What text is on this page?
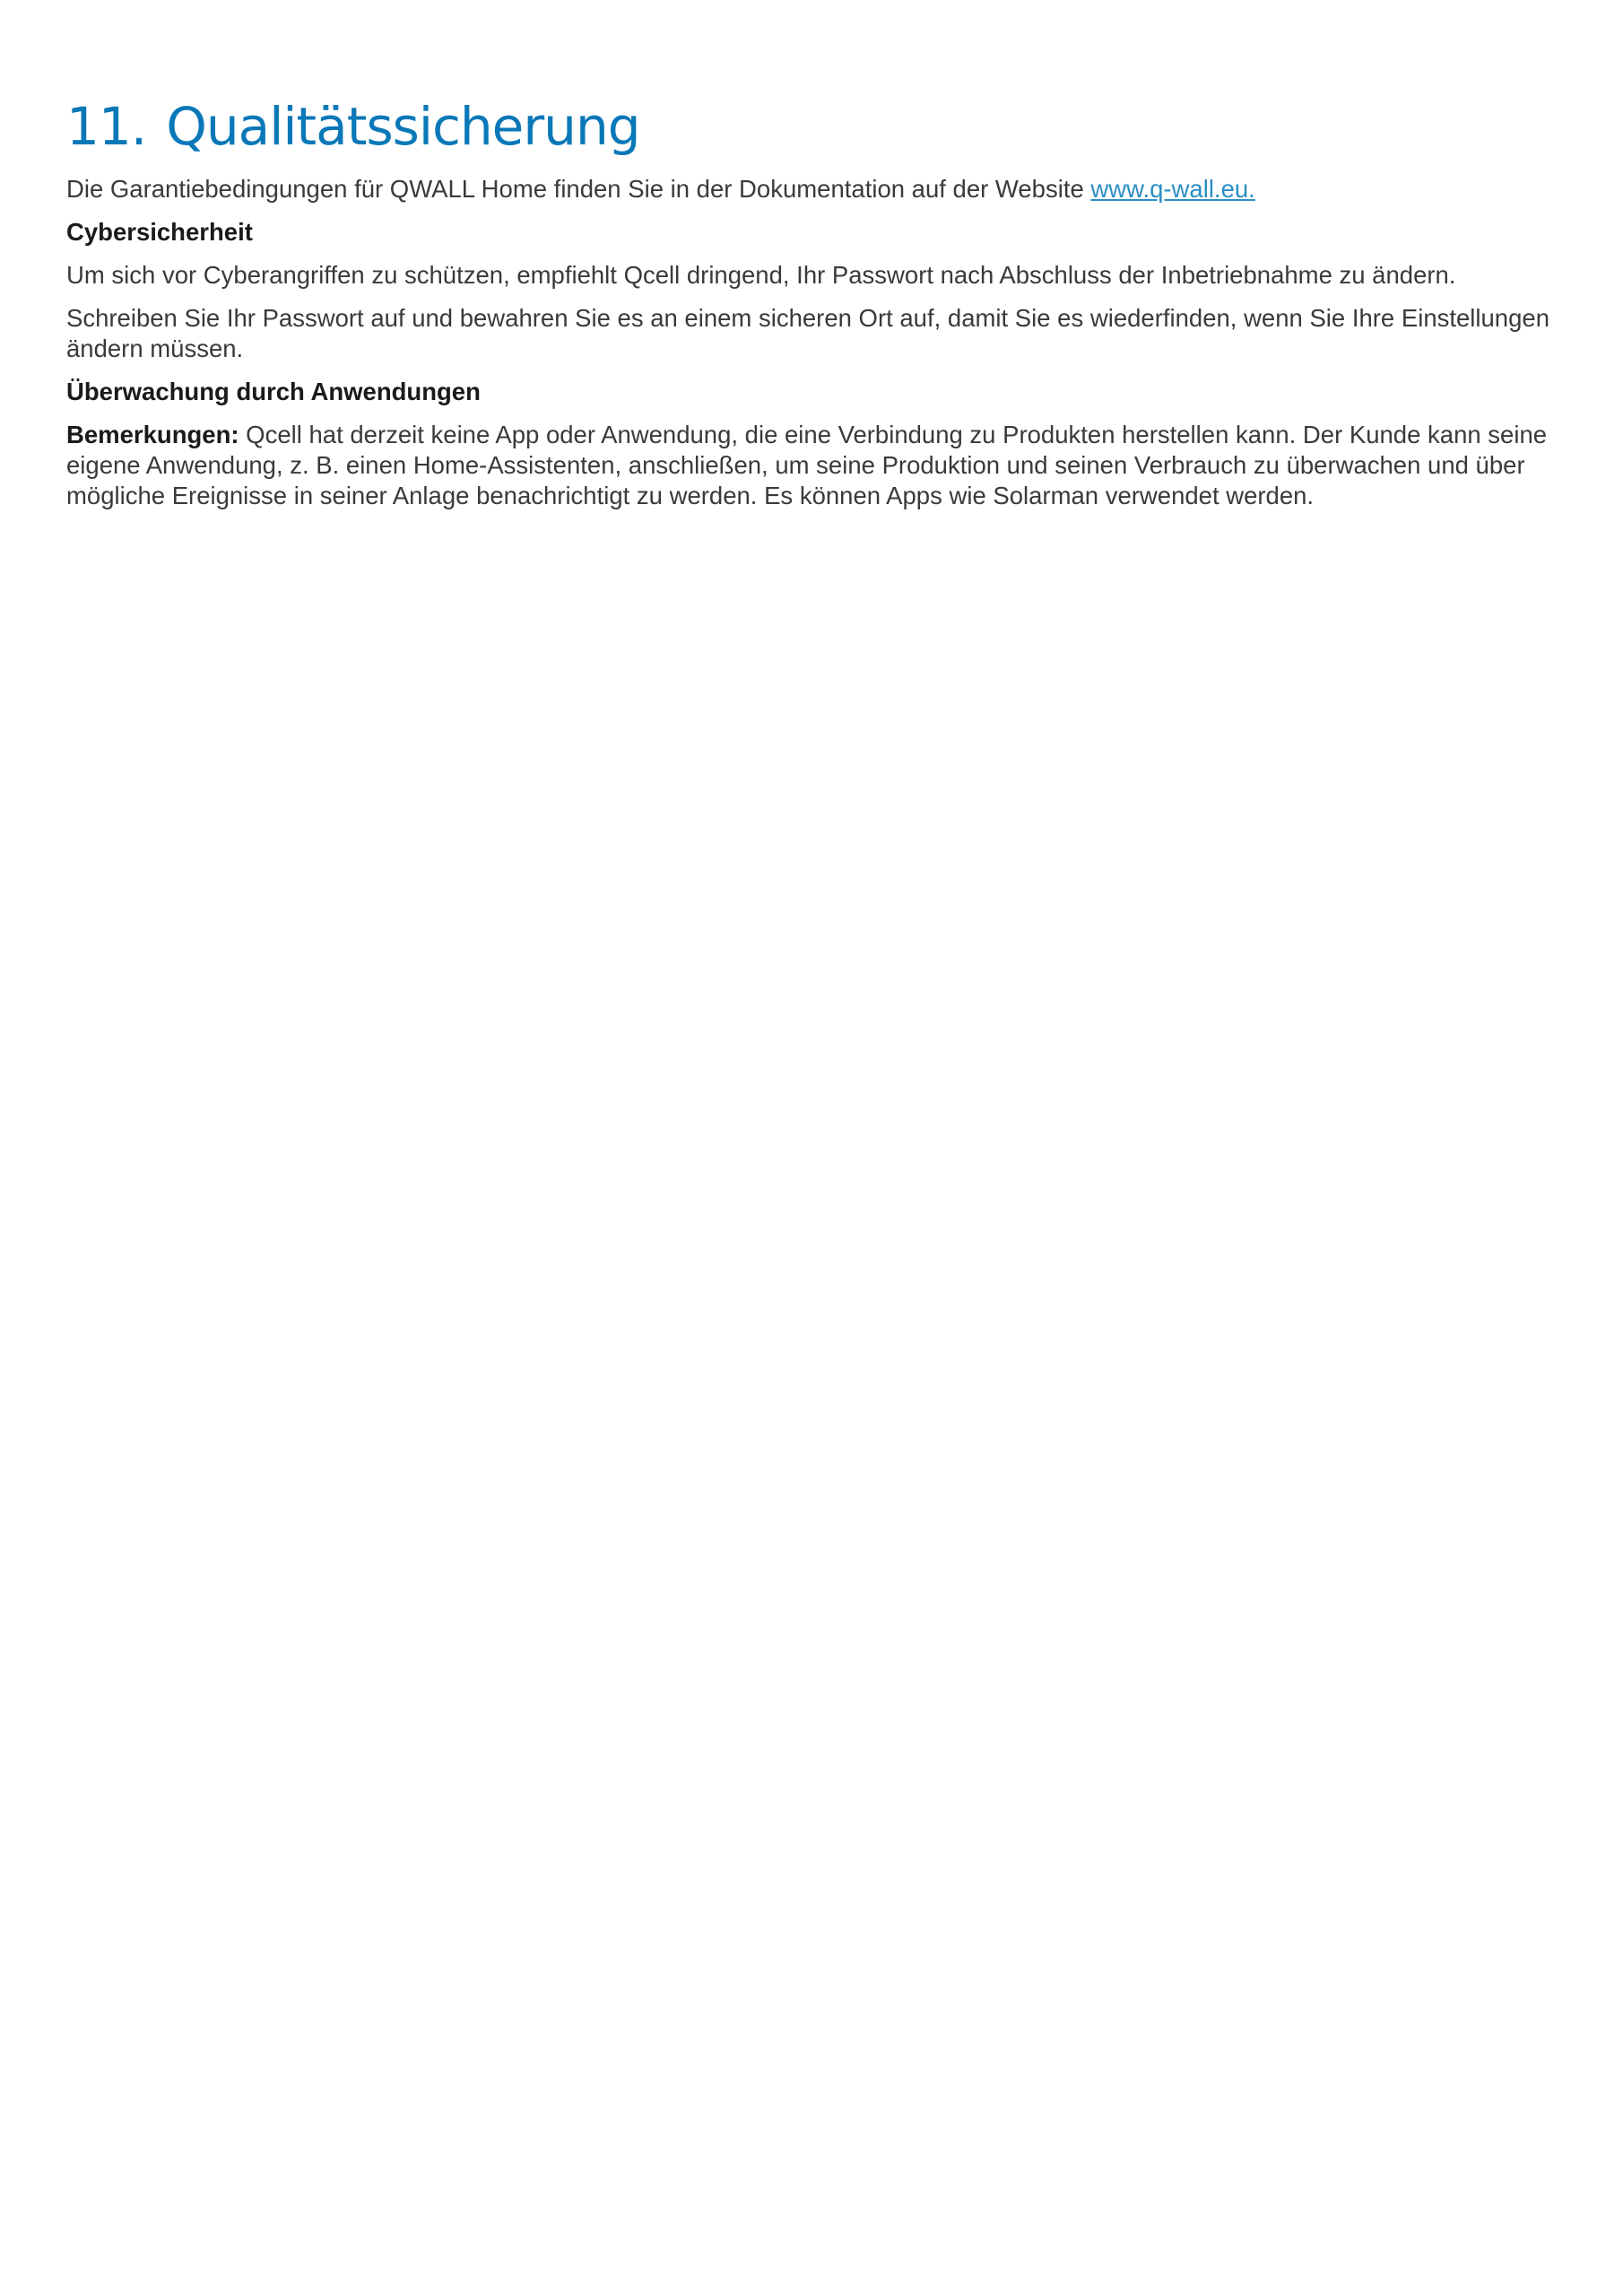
11. Qualitätssicherung

Die Garantiebedingungen für QWALL Home finden Sie in der Dokumentation auf der Website www.q-wall.eu.

Cybersicherheit

Um sich vor Cyberangriffen zu schützen, empfiehlt Qcell dringend, Ihr Passwort nach Abschluss der Inbetriebnahme zu ändern.

Schreiben Sie Ihr Passwort auf und bewahren Sie es an einem sicheren Ort auf, damit Sie es wiederfinden, wenn Sie Ihre Einstellungen ändern müssen.

Überwachung durch Anwendungen

Bemerkungen: Qcell hat derzeit keine App oder Anwendung, die eine Verbindung zu Produkten herstellen kann. Der Kunde kann seine eigene Anwendung, z. B. einen Home-Assistenten, anschließen, um seine Produktion und seinen Verbrauch zu überwachen und über mögliche Ereignisse in seiner Anlage benachrichtigt zu werden. Es können Apps wie Solarman verwendet werden.
